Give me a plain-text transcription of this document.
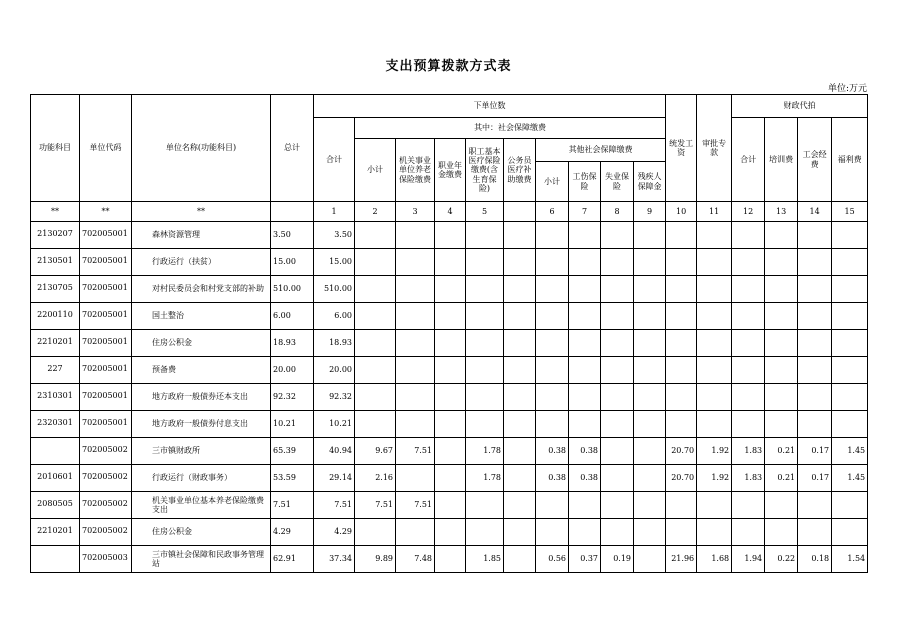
支出预算拨款方式表
单位:万元
功能科目	单位代码	单位名称(功能科目)	总计	下单位数										统发工资	审批专款	财政代拍			
				合计	其中：社会保障缴费											合计	培训费	工会经费	福利费
					小计	机关事业单位养老保险缴费	职业年金缴费	职工基本医疗保险缴费(含生育保险)	公务员医疗补助缴费	其他社会保障缴费									
										小计	工伤保险	失业保险	残疾人保障金						
**	**	**		1	2	3	4	5		6	7	8	9	10	11	12	13	14	15
2130207	702005001	森林资源管理	3.50	3.50															
2130501	702005001	行政运行（扶贫）	15.00	15.00															
2130705	702005001	对村民委员会和村党支部的补助	510.00	510.00															
2200110	702005001	国土整治	6.00	6.00															
2210201	702005001	住房公积金	18.93	18.93															
227	702005001	预备费	20.00	20.00															
2310301	702005001	地方政府一般债券还本支出	92.32	92.32															
2320301	702005001	地方政府一般债券付息支出	10.21	10.21															
	702005002	三市镇财政所	65.39	40.94	9.67	7.51		1.78		0.38	0.38			20.70	1.92	1.83	0.21	0.17	1.45
2010601	702005002	行政运行（财政事务）	53.59	29.14	2.16			1.78		0.38	0.38			20.70	1.92	1.83	0.21	0.17	1.45
2080505	702005002	机关事业单位基本养老保险缴费支出	7.51	7.51	7.51	7.51													
2210201	702005002	住房公积金	4.29	4.29															
	702005003	三市镇社会保障和民政事务管理站	62.91	37.34	9.89	7.48		1.85		0.56	0.37	0.19		21.96	1.68	1.94	0.22	0.18	1.54
